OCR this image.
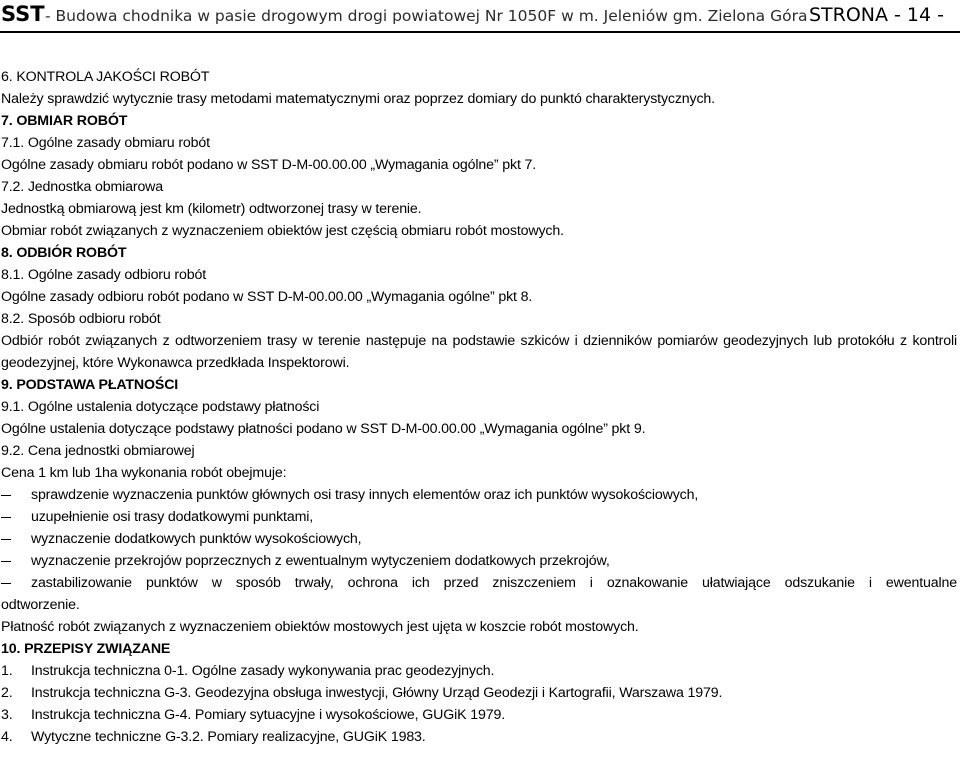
SST - Budowa chodnika w pasie drogowym drogi powiatowej Nr 1050F w m. Jeleniów gm. Zielona Góra STRONA - 14 -
6. KONTROLA JAKOŚCI ROBÓT
Należy sprawdzić wytycznie trasy metodami matematycznymi oraz poprzez domiary do punktó charakterystycznych.
7. OBMIAR ROBÓT
7.1. Ogólne zasady obmiaru robót
Ogólne zasady obmiaru robót podano w SST D-M-00.00.00 „Wymagania ogólne” pkt 7.
7.2. Jednostka obmiarowa
Jednostką obmiarową jest km (kilometr) odtworzonej trasy w terenie.
Obmiar robót związanych z wyznaczeniem obiektów jest częścią obmiaru robót mostowych.
8. ODBIÓR ROBÓT
8.1. Ogólne zasady odbioru robót
Ogólne zasady odbioru robót podano w SST D-M-00.00.00 „Wymagania ogólne” pkt 8.
8.2. Sposób odbioru robót
Odbiór robót związanych z odtworzeniem trasy w terenie następuje na podstawie szkiców i dzienników pomiarów geodezyjnych lub protokółu z kontroli geodezyjnej, które Wykonawca przedkłada Inspektorowi.
9. PODSTAWA PŁATNOŚCI
9.1. Ogólne ustalenia dotyczące podstawy płatności
Ogólne ustalenia dotyczące podstawy płatności podano w SST D-M-00.00.00 „Wymagania ogólne” pkt 9.
9.2. Cena jednostki obmiarowej
Cena 1 km lub 1ha wykonania robót obejmuje:
sprawdzenie wyznaczenia punktów głównych osi trasy innych elementów oraz ich punktów wysokościowych,
uzupełnienie osi trasy dodatkowymi punktami,
wyznaczenie dodatkowych punktów wysokościowych,
wyznaczenie przekrojów poprzecznych z ewentualnym wytyczeniem dodatkowych przekrojów,
zastabilizowanie punktów w sposób trwały, ochrona ich przed zniszczeniem i oznakowanie ułatwiające odszukanie i ewentualne
odtworzenie.
Płatność robót związanych z wyznaczeniem obiektów mostowych jest ujęta w koszcie robót mostowych.
10. PRZEPISY ZWIĄZANE
1.	Instrukcja techniczna 0-1. Ogólne zasady wykonywania prac geodezyjnych.
2.	Instrukcja techniczna G-3. Geodezyjna obsługa inwestycji, Główny Urząd Geodezji i Kartografii, Warszawa 1979.
3.	Instrukcja techniczna G-4. Pomiary sytuacyjne i wysokościowe, GUGiK 1979.
4.	Wytyczne techniczne G-3.2. Pomiary realizacyjne, GUGiK 1983.
